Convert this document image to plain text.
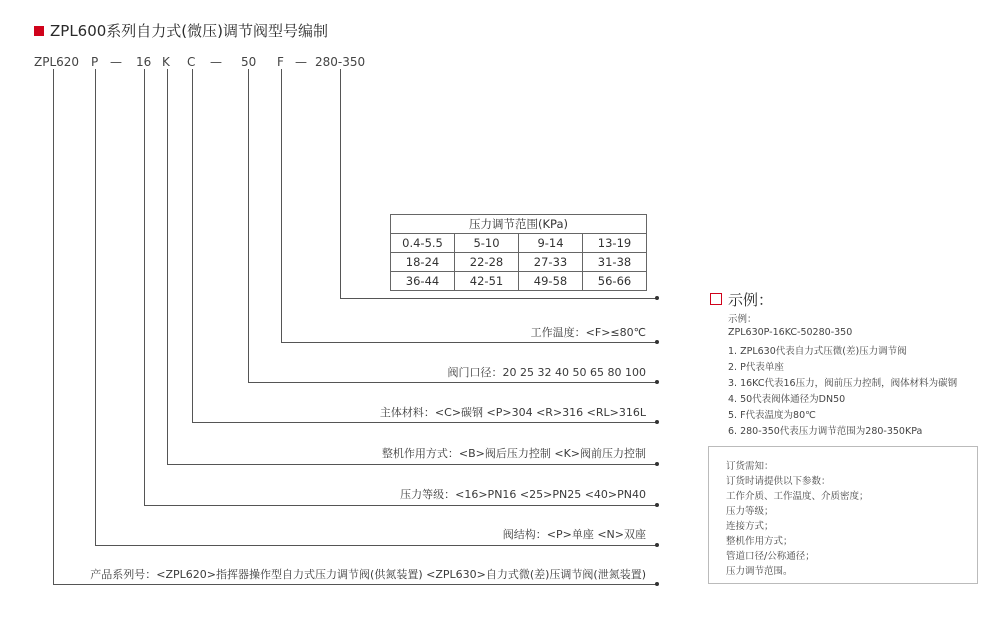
ZPL600系列自力式(微压)调节阀型号编制
ZPL620 P — 16 K C — 50 F — 280-350
压力调节范围(KPa)			
0.4-5.5	5-10	9-14	13-19
18-24	22-28	27-33	31-38
36-44	42-51	49-58	56-66
工作温度：<F>≤80℃
阀门口径：20 25 32 40 50 65 80 100
主体材料：<C>碳钢 <P>304 <R>316 <RL>316L
整机作用方式：<B>阀后压力控制 <K>阀前压力控制
压力等级：<16>PN16 <25>PN25 <40>PN40
阀结构：<P>单座 <N>双座
产品系列号：<ZPL620>指挥器操作型自力式压力调节阀(供氮装置) <ZPL630>自力式微(差)压调节阀(泄氮装置)
示例：
示例：
ZPL630P-16KC-50280-350
1. ZPL630代表自力式压微(差)压力调节阀
2. P代表单座
3. 16KC代表16压力，阀前压力控制，阀体材料为碳钢
4. 50代表阀体通径为DN50
5. F代表温度为80℃
6. 280-350代表压力调节范围为280-350KPa
订货需知：
订货时请提供以下参数：
工作介质、工作温度、介质密度；
压力等级；
连接方式；
整机作用方式；
管道口径/公称通径；
压力调节范围。
